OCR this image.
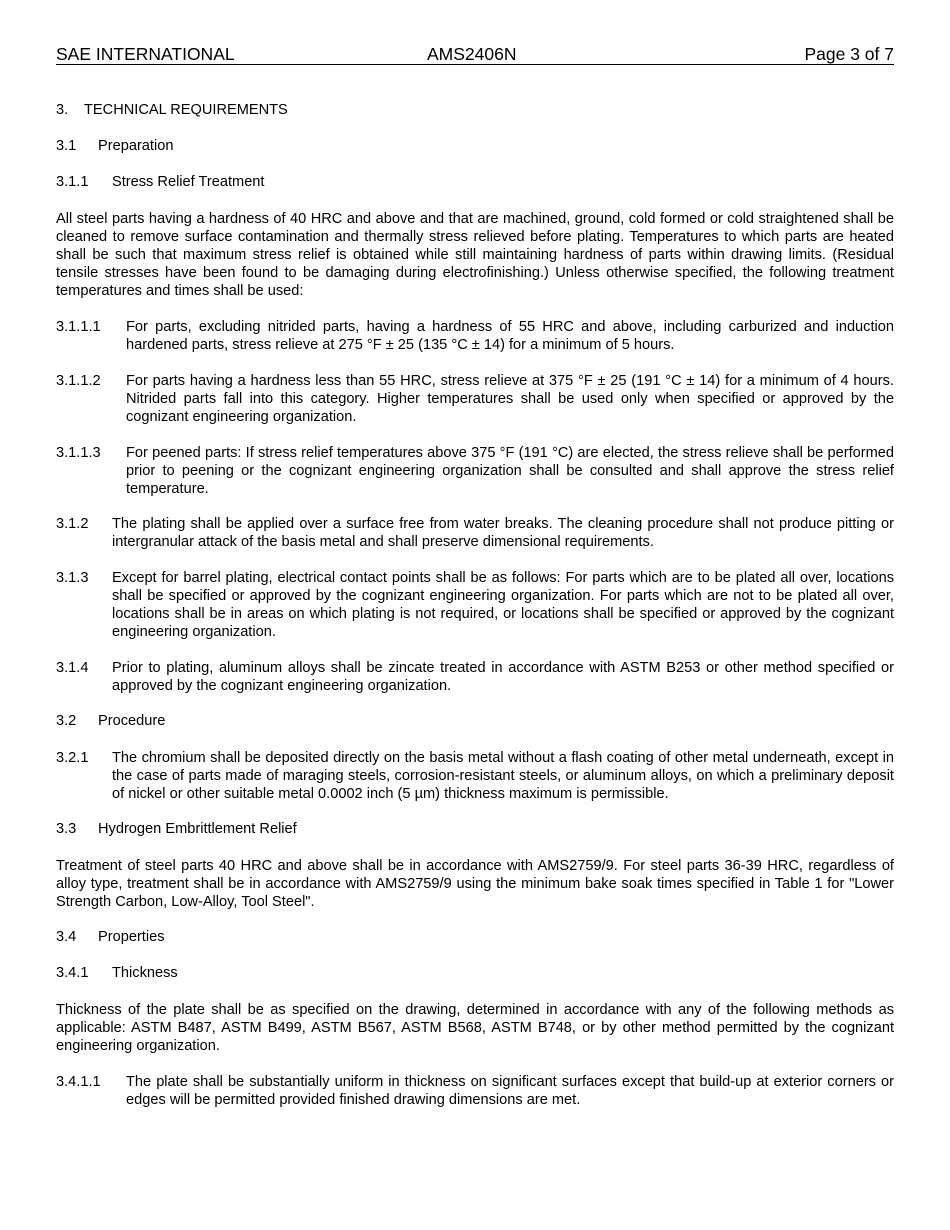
SAE INTERNATIONAL	AMS2406N	Page 3 of 7
3. TECHNICAL REQUIREMENTS
3.1 Preparation
3.1.1 Stress Relief Treatment
All steel parts having a hardness of 40 HRC and above and that are machined, ground, cold formed or cold straightened shall be cleaned to remove surface contamination and thermally stress relieved before plating. Temperatures to which parts are heated shall be such that maximum stress relief is obtained while still maintaining hardness of parts within drawing limits. (Residual tensile stresses have been found to be damaging during electrofinishing.) Unless otherwise specified, the following treatment temperatures and times shall be used:
3.1.1.1	For parts, excluding nitrided parts, having a hardness of 55 HRC and above, including carburized and induction hardened parts, stress relieve at 275 °F ± 25 (135 °C ± 14) for a minimum of 5 hours.
3.1.1.2	For parts having a hardness less than 55 HRC, stress relieve at 375 °F ± 25 (191 °C ± 14) for a minimum of 4 hours. Nitrided parts fall into this category. Higher temperatures shall be used only when specified or approved by the cognizant engineering organization.
3.1.1.3	For peened parts: If stress relief temperatures above 375 °F (191 °C) are elected, the stress relieve shall be performed prior to peening or the cognizant engineering organization shall be consulted and shall approve the stress relief temperature.
3.1.2	The plating shall be applied over a surface free from water breaks. The cleaning procedure shall not produce pitting or intergranular attack of the basis metal and shall preserve dimensional requirements.
3.1.3	Except for barrel plating, electrical contact points shall be as follows: For parts which are to be plated all over, locations shall be specified or approved by the cognizant engineering organization. For parts which are not to be plated all over, locations shall be in areas on which plating is not required, or locations shall be specified or approved by the cognizant engineering organization.
3.1.4	Prior to plating, aluminum alloys shall be zincate treated in accordance with ASTM B253 or other method specified or approved by the cognizant engineering organization.
3.2 Procedure
3.2.1	The chromium shall be deposited directly on the basis metal without a flash coating of other metal underneath, except in the case of parts made of maraging steels, corrosion-resistant steels, or aluminum alloys, on which a preliminary deposit of nickel or other suitable metal 0.0002 inch (5 µm) thickness maximum is permissible.
3.3 Hydrogen Embrittlement Relief
Treatment of steel parts 40 HRC and above shall be in accordance with AMS2759/9. For steel parts 36-39 HRC, regardless of alloy type, treatment shall be in accordance with AMS2759/9 using the minimum bake soak times specified in Table 1 for "Lower Strength Carbon, Low-Alloy, Tool Steel".
3.4 Properties
3.4.1 Thickness
Thickness of the plate shall be as specified on the drawing, determined in accordance with any of the following methods as applicable: ASTM B487, ASTM B499, ASTM B567, ASTM B568, ASTM B748, or by other method permitted by the cognizant engineering organization.
3.4.1.1	The plate shall be substantially uniform in thickness on significant surfaces except that build-up at exterior corners or edges will be permitted provided finished drawing dimensions are met.
